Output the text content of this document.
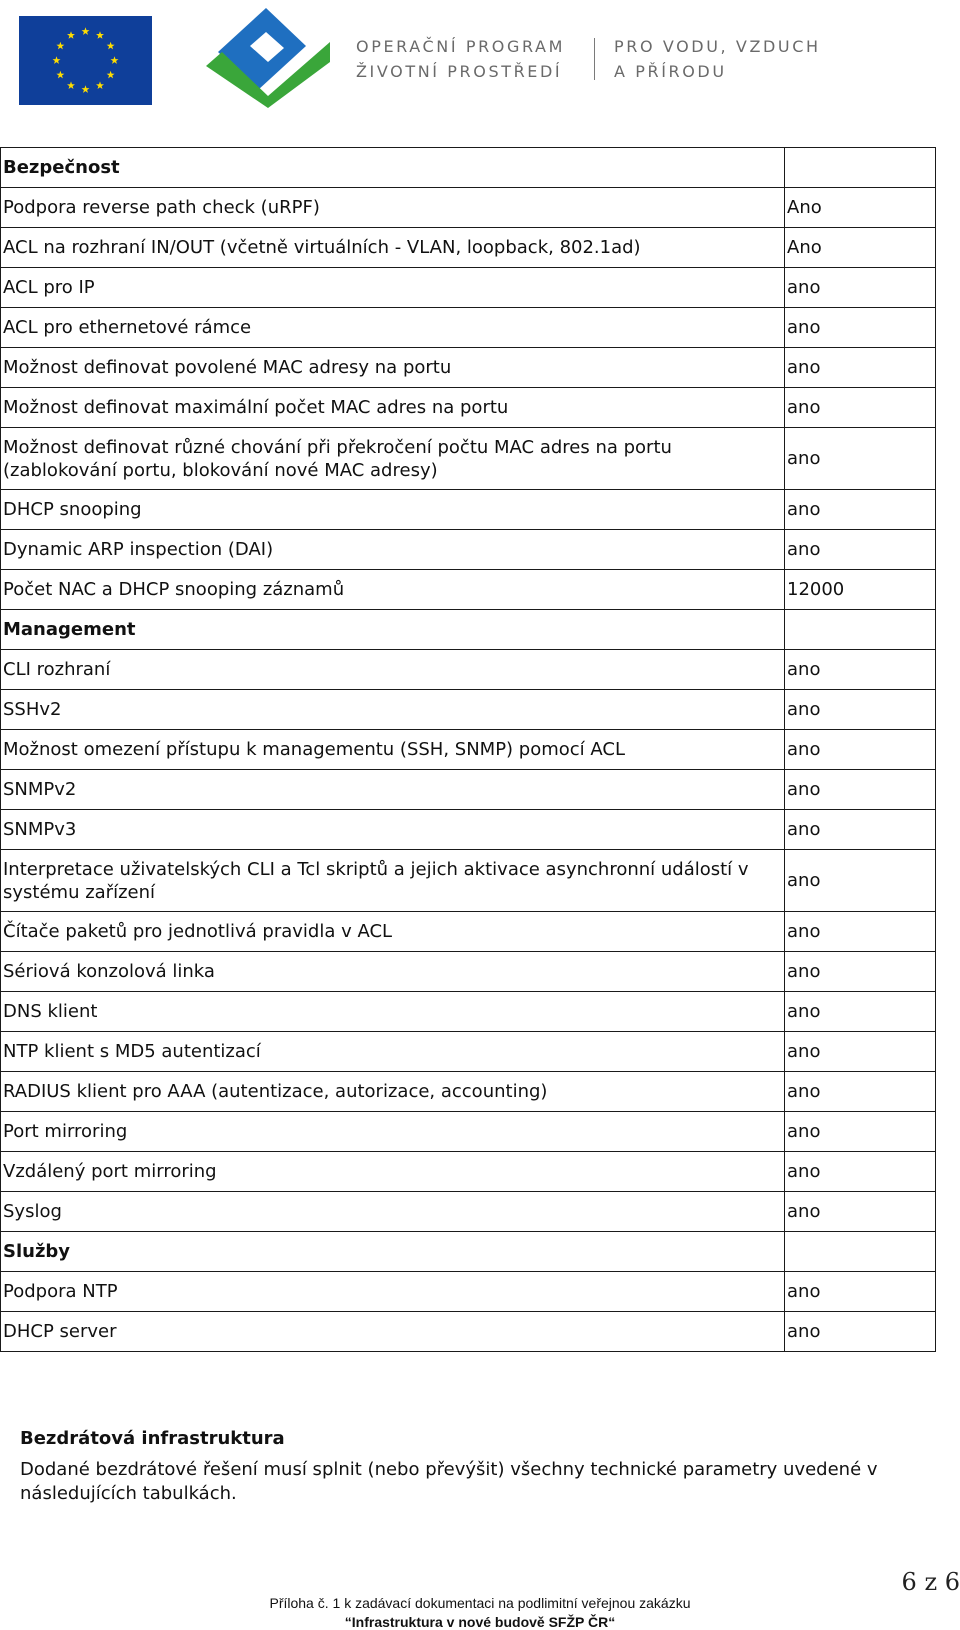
OPERAČNÍ PROGRAM
ŽIVOTNÍ PROSTŘEDÍ
PRO VODU, VZDUCH
A PŘÍRODU
Bezpečnost	
Podpora reverse path check (uRPF)	Ano
ACL na rozhraní IN/OUT (včetně virtuálních - VLAN, loopback, 802.1ad)	Ano
ACL pro IP	ano
ACL pro ethernetové rámce	ano
Možnost definovat povolené MAC adresy na portu	ano
Možnost definovat maximální počet MAC adres na portu	ano
Možnost definovat různé chování při překročení počtu MAC adres na portu (zablokování portu, blokování nové MAC adresy)	ano
DHCP snooping	ano
Dynamic ARP inspection (DAI)	ano
Počet NAC a DHCP snooping záznamů	12000
Management	
CLI rozhraní	ano
SSHv2	ano
Možnost omezení přístupu k managementu (SSH, SNMP) pomocí ACL	ano
SNMPv2	ano
SNMPv3	ano
Interpretace uživatelských CLI a Tcl skriptů a jejich aktivace asynchronní událostí v systému zařízení	ano
Čítače paketů pro jednotlivá pravidla v ACL	ano
Sériová konzolová linka	ano
DNS klient	ano
NTP klient s MD5 autentizací	ano
RADIUS klient pro AAA (autentizace, autorizace, accounting)	ano
Port mirroring	ano
Vzdálený port mirroring	ano
Syslog	ano
Služby	
Podpora NTP	ano
DHCP server	ano
Bezdrátová infrastruktura
Dodané bezdrátové řešení musí splnit (nebo převýšit) všechny technické parametry uvedené v následujících tabulkách.
6 z 6
Příloha č. 1 k zadávací dokumentaci na podlimitní veřejnou zakázku
“Infrastruktura v nové budově SFŽP ČR“
